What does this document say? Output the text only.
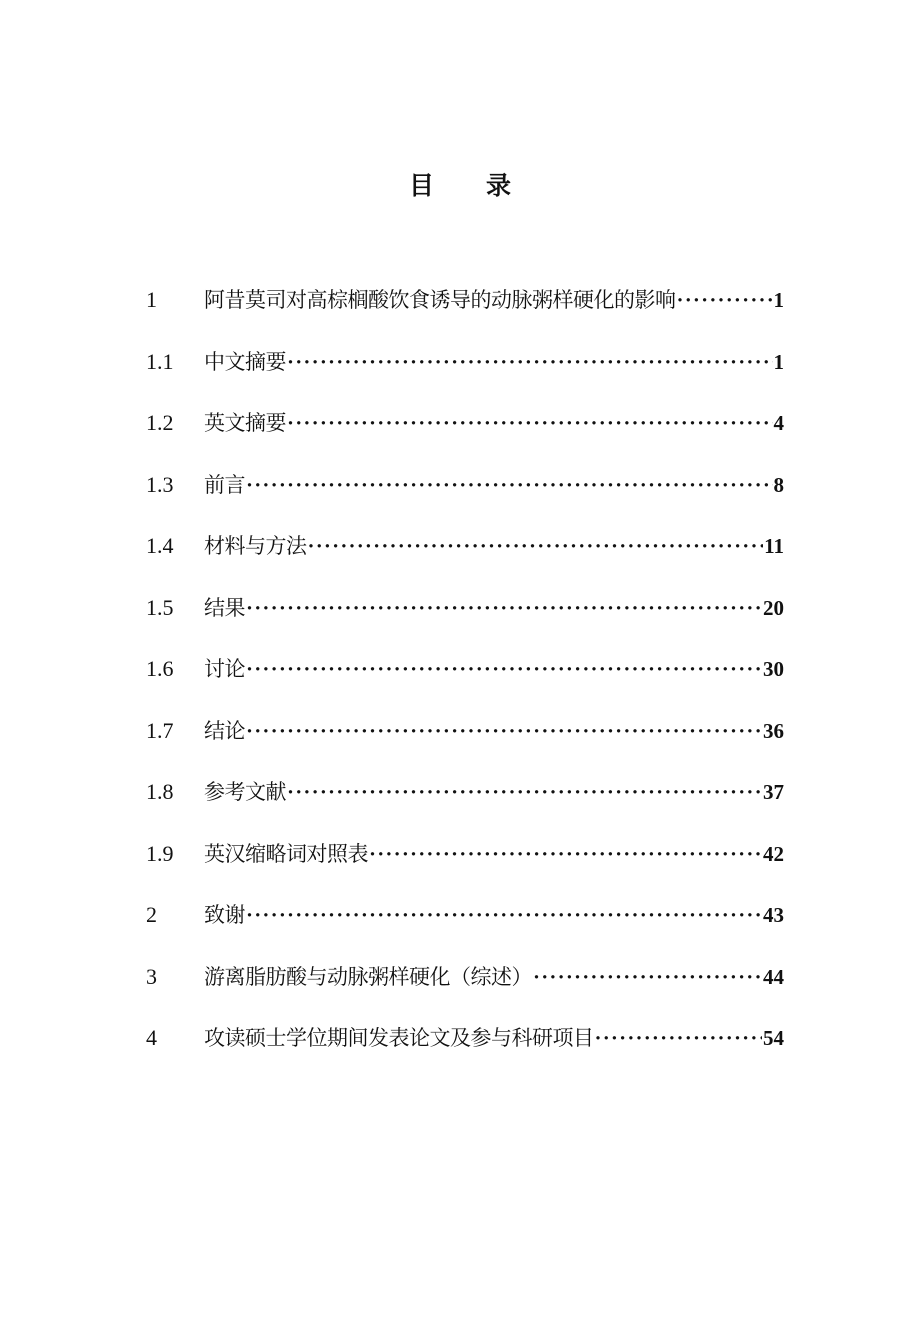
目 录
1	阿昔莫司对高棕榈酸饮食诱导的动脉粥样硬化的影响 ·····	1
1.1	中文摘要 ·····	1
1.2	英文摘要 ·····	4
1.3	前言 ·····	8
1.4	材料与方法 ·····	11
1.5	结果 ·····	20
1.6	讨论 ·····	30
1.7	结论 ·····	36
1.8	参考文献 ·····	37
1.9	英汉缩略词对照表 ·····	42
2	致谢 ·····	43
3	游离脂肪酸与动脉粥样硬化（综述） ·····	44
4	攻读硕士学位期间发表论文及参与科研项目 ·····	54
